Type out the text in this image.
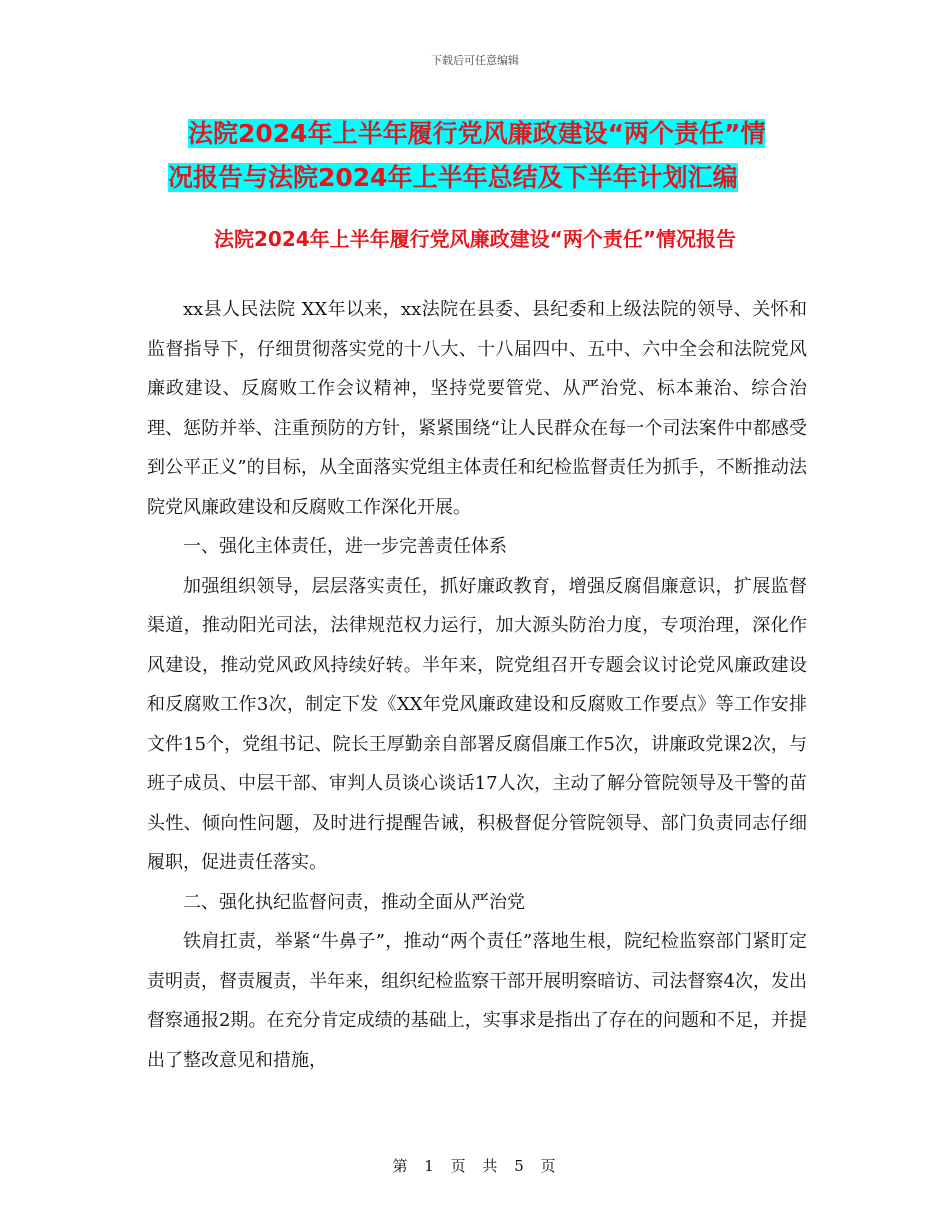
下载后可任意编辑
法院2024年上半年履行党风廉政建设“两个责任”情
况报告与法院2024年上半年总结及下半年计划汇编
法院2024年上半年履行党风廉政建设“两个责任”情况报告

xx县人民法院 XX年以来，xx法院在县委、县纪委和上级法院的领导、关怀和监督指导下，仔细贯彻落实党的十八大、十八届四中、五中、六中全会和法院党风廉政建设、反腐败工作会议精神，坚持党要管党、从严治党、标本兼治、综合治理、惩防并举、注重预防的方针，紧紧围绕“让人民群众在每一个司法案件中都感受到公平正义”的目标，从全面落实党组主体责任和纪检监督责任为抓手，不断推动法院党风廉政建设和反腐败工作深化开展。

一、强化主体责任，进一步完善责任体系

加强组织领导，层层落实责任，抓好廉政教育，增强反腐倡廉意识，扩展监督渠道，推动阳光司法，法律规范权力运行，加大源头防治力度，专项治理，深化作风建设，推动党风政风持续好转。半年来，院党组召开专题会议讨论党风廉政建设和反腐败工作3次，制定下发《XX年党风廉政建设和反腐败工作要点》等工作安排文件15个，党组书记、院长王厚勤亲自部署反腐倡廉工作5次，讲廉政党课2次，与班子成员、中层干部、审判人员谈心谈话17人次，主动了解分管院领导及干警的苗头性、倾向性问题，及时进行提醒告诫，积极督促分管院领导、部门负责同志仔细履职，促进责任落实。

二、强化执纪监督问责，推动全面从严治党

铁肩扛责，举紧“牛鼻子”，推动“两个责任”落地生根，院纪检监察部门紧盯定责明责，督责履责，半年来，组织纪检监察干部开展明察暗访、司法督察4次，发出督察通报2期。在充分肯定成绩的基础上，实事求是指出了存在的问题和不足，并提出了整改意见和措施，

第 1 页 共 5 页
